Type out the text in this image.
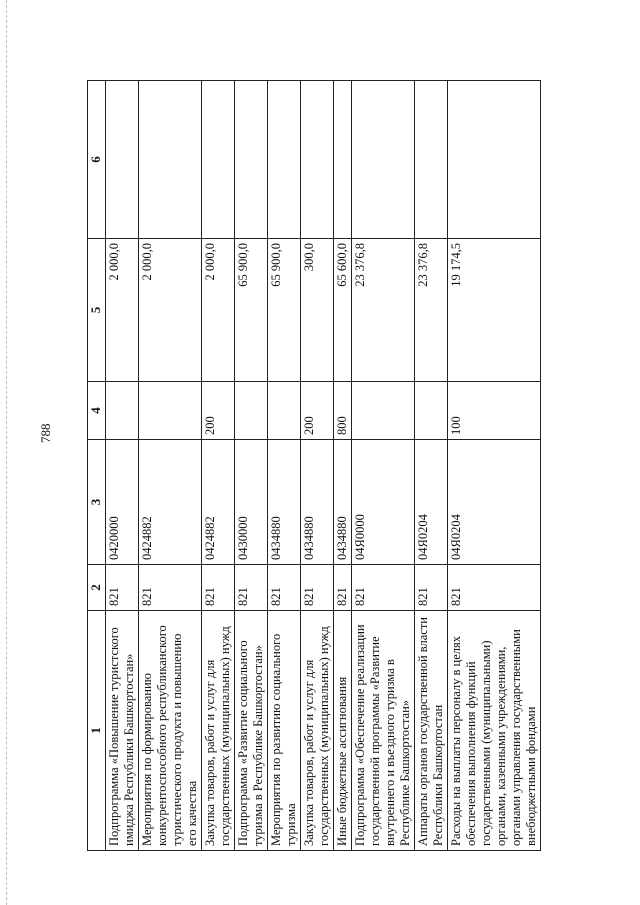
788
1	2	3	4	5	6
Подпрограмма «Повышение туристского имиджа Республики Башкортостан»	821	0420000		2 000,0	
Мероприятия по формированию конкурентоспособного республиканского туристического продукта и повышению его качества	821	0424882		2 000,0	
Закупка товаров, работ и услуг для государственных (муниципальных) нужд	821	0424882	200	2 000,0	
Подпрограмма «Развитие социального туризма в Республике Башкортостан»	821	0430000		65 900,0	
Мероприятия по развитию социального туризма	821	0434880		65 900,0	
Закупка товаров, работ и услуг для государственных (муниципальных) нужд	821	0434880	200	300,0	
Иные бюджетные ассигнования	821	0434880	800	65 600,0	
Подпрограмма «Обеспечение реализации государственной программы «Развитие внутреннего и въездного туризма в Республике Башкортостан»	821	04Я0000		23 376,8	
Аппараты органов государственной власти Республики Башкортостан	821	04Я0204		23 376,8	
Расходы на выплаты персоналу в целях обеспечения выполнения функций государственными (муниципальными) органами, казенными учреждениями, органами управления государственными внебюджетными фондами	821	04Я0204	100	19 174,5	
